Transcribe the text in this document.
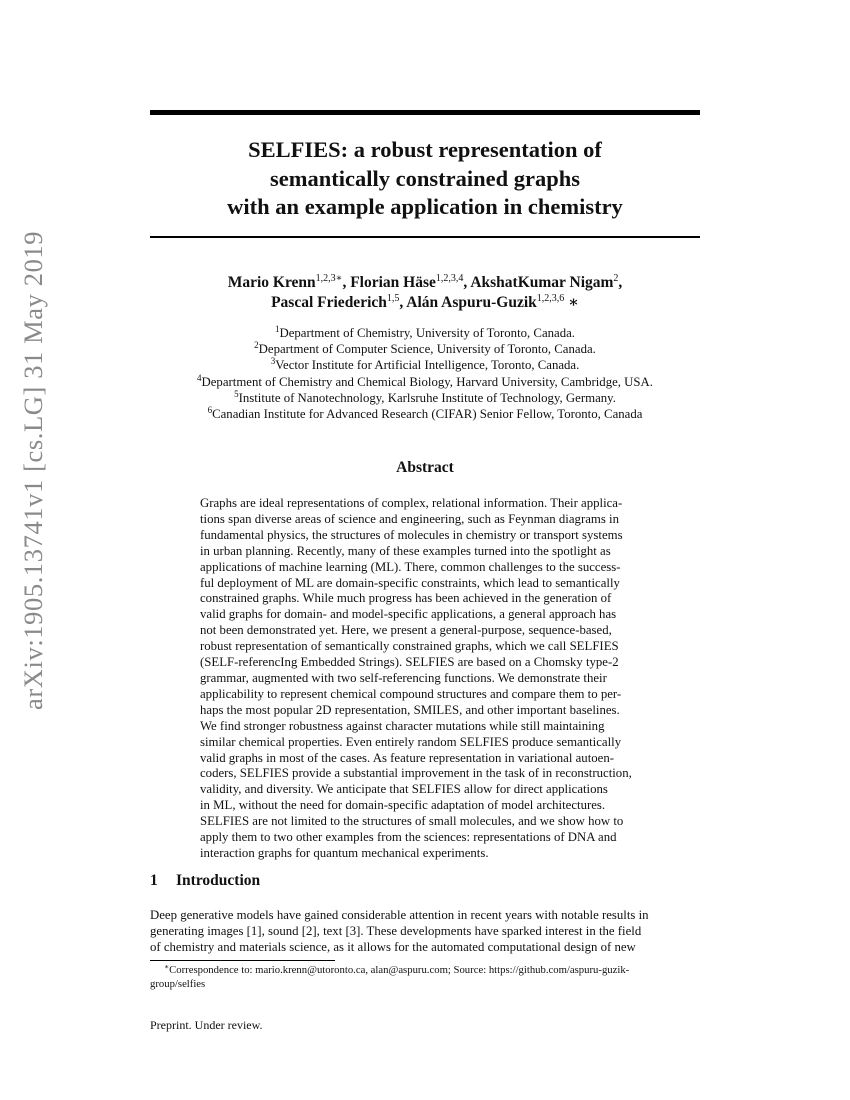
arXiv:1905.13741v1 [cs.LG] 31 May 2019
SELFIES: a robust representation of
semantically constrained graphs
with an example application in chemistry
Mario Krenn$^{1,2,3∗}$, Florian Häse$^{1,2,3,4}$, AkshatKumar Nigam$^2$,
Pascal Friederich$^{1,5}$, Alán Aspuru-Guzik$^{1,2,3,6}$ ∗
$^1$Department of Chemistry, University of Toronto, Canada.
$^2$Department of Computer Science, University of Toronto, Canada.
$^3$Vector Institute for Artificial Intelligence, Toronto, Canada.
$^4$Department of Chemistry and Chemical Biology, Harvard University, Cambridge, USA.
$^5$Institute of Nanotechnology, Karlsruhe Institute of Technology, Germany.
$^6$Canadian Institute for Advanced Research (CIFAR) Senior Fellow, Toronto, Canada
Abstract
Graphs are ideal representations of complex, relational information. Their applica-
tions span diverse areas of science and engineering, such as Feynman diagrams in
fundamental physics, the structures of molecules in chemistry or transport systems
in urban planning. Recently, many of these examples turned into the spotlight as
applications of machine learning (ML). There, common challenges to the success-
ful deployment of ML are domain-specific constraints, which lead to semantically
constrained graphs. While much progress has been achieved in the generation of
valid graphs for domain- and model-specific applications, a general approach has
not been demonstrated yet. Here, we present a general-purpose, sequence-based,
robust representation of semantically constrained graphs, which we call SELFIES
(SELF-referencIng Embedded Strings). SELFIES are based on a Chomsky type-2
grammar, augmented with two self-referencing functions. We demonstrate their
applicability to represent chemical compound structures and compare them to per-
haps the most popular 2D representation, SMILES, and other important baselines.
We find stronger robustness against character mutations while still maintaining
similar chemical properties. Even entirely random SELFIES produce semantically
valid graphs in most of the cases. As feature representation in variational autoen-
coders, SELFIES provide a substantial improvement in the task of in reconstruction,
validity, and diversity. We anticipate that SELFIES allow for direct applications
in ML, without the need for domain-specific adaptation of model architectures.
SELFIES are not limited to the structures of small molecules, and we show how to
apply them to two other examples from the sciences: representations of DNA and
interaction graphs for quantum mechanical experiments.
1 Introduction
Deep generative models have gained considerable attention in recent years with notable results in
generating images [1], sound [2], text [3]. These developments have sparked interest in the field
of chemistry and materials science, as it allows for the automated computational design of new
∗Correspondence to: mario.krenn@utoronto.ca, alan@aspuru.com; Source: https://github.com/aspuru-guzik-
group/selfies
Preprint. Under review.
